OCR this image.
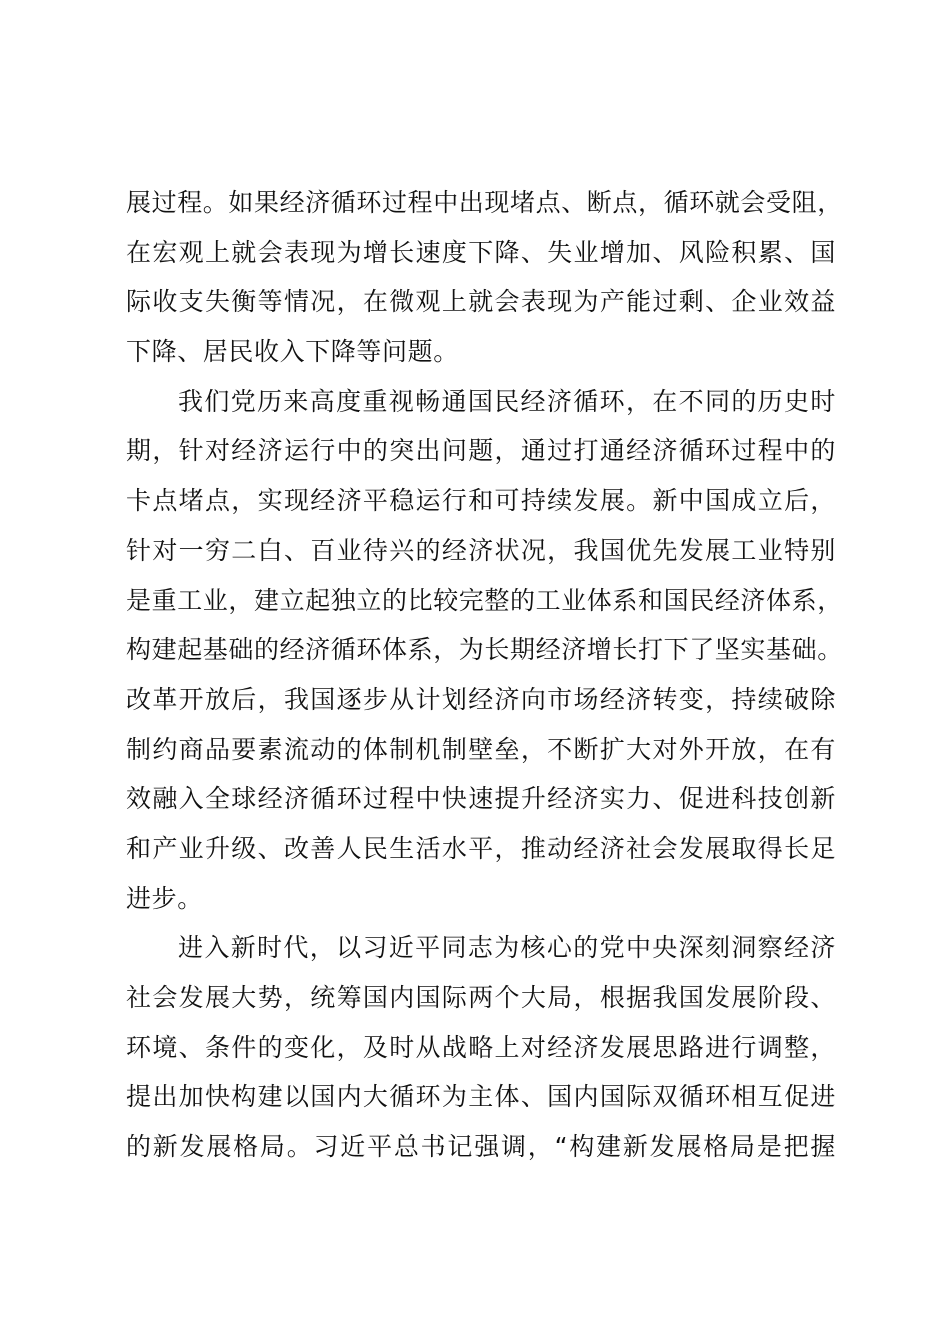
展过程。如果经济循环过程中出现堵点、断点，循环就会受阻，
在宏观上就会表现为增长速度下降、失业增加、风险积累、国
际收支失衡等情况，在微观上就会表现为产能过剩、企业效益
下降、居民收入下降等问题。
我们党历来高度重视畅通国民经济循环，在不同的历史时
期，针对经济运行中的突出问题，通过打通经济循环过程中的
卡点堵点，实现经济平稳运行和可持续发展。新中国成立后，
针对一穷二白、百业待兴的经济状况，我国优先发展工业特别
是重工业，建立起独立的比较完整的工业体系和国民经济体系，
构建起基础的经济循环体系，为长期经济增长打下了坚实基础。
改革开放后，我国逐步从计划经济向市场经济转变，持续破除
制约商品要素流动的体制机制壁垒，不断扩大对外开放，在有
效融入全球经济循环过程中快速提升经济实力、促进科技创新
和产业升级、改善人民生活水平，推动经济社会发展取得长足
进步。
进入新时代，以习近平同志为核心的党中央深刻洞察经济
社会发展大势，统筹国内国际两个大局，根据我国发展阶段、
环境、条件的变化，及时从战略上对经济发展思路进行调整，
提出加快构建以国内大循环为主体、国内国际双循环相互促进
的新发展格局。习近平总书记强调，“构建新发展格局是把握
